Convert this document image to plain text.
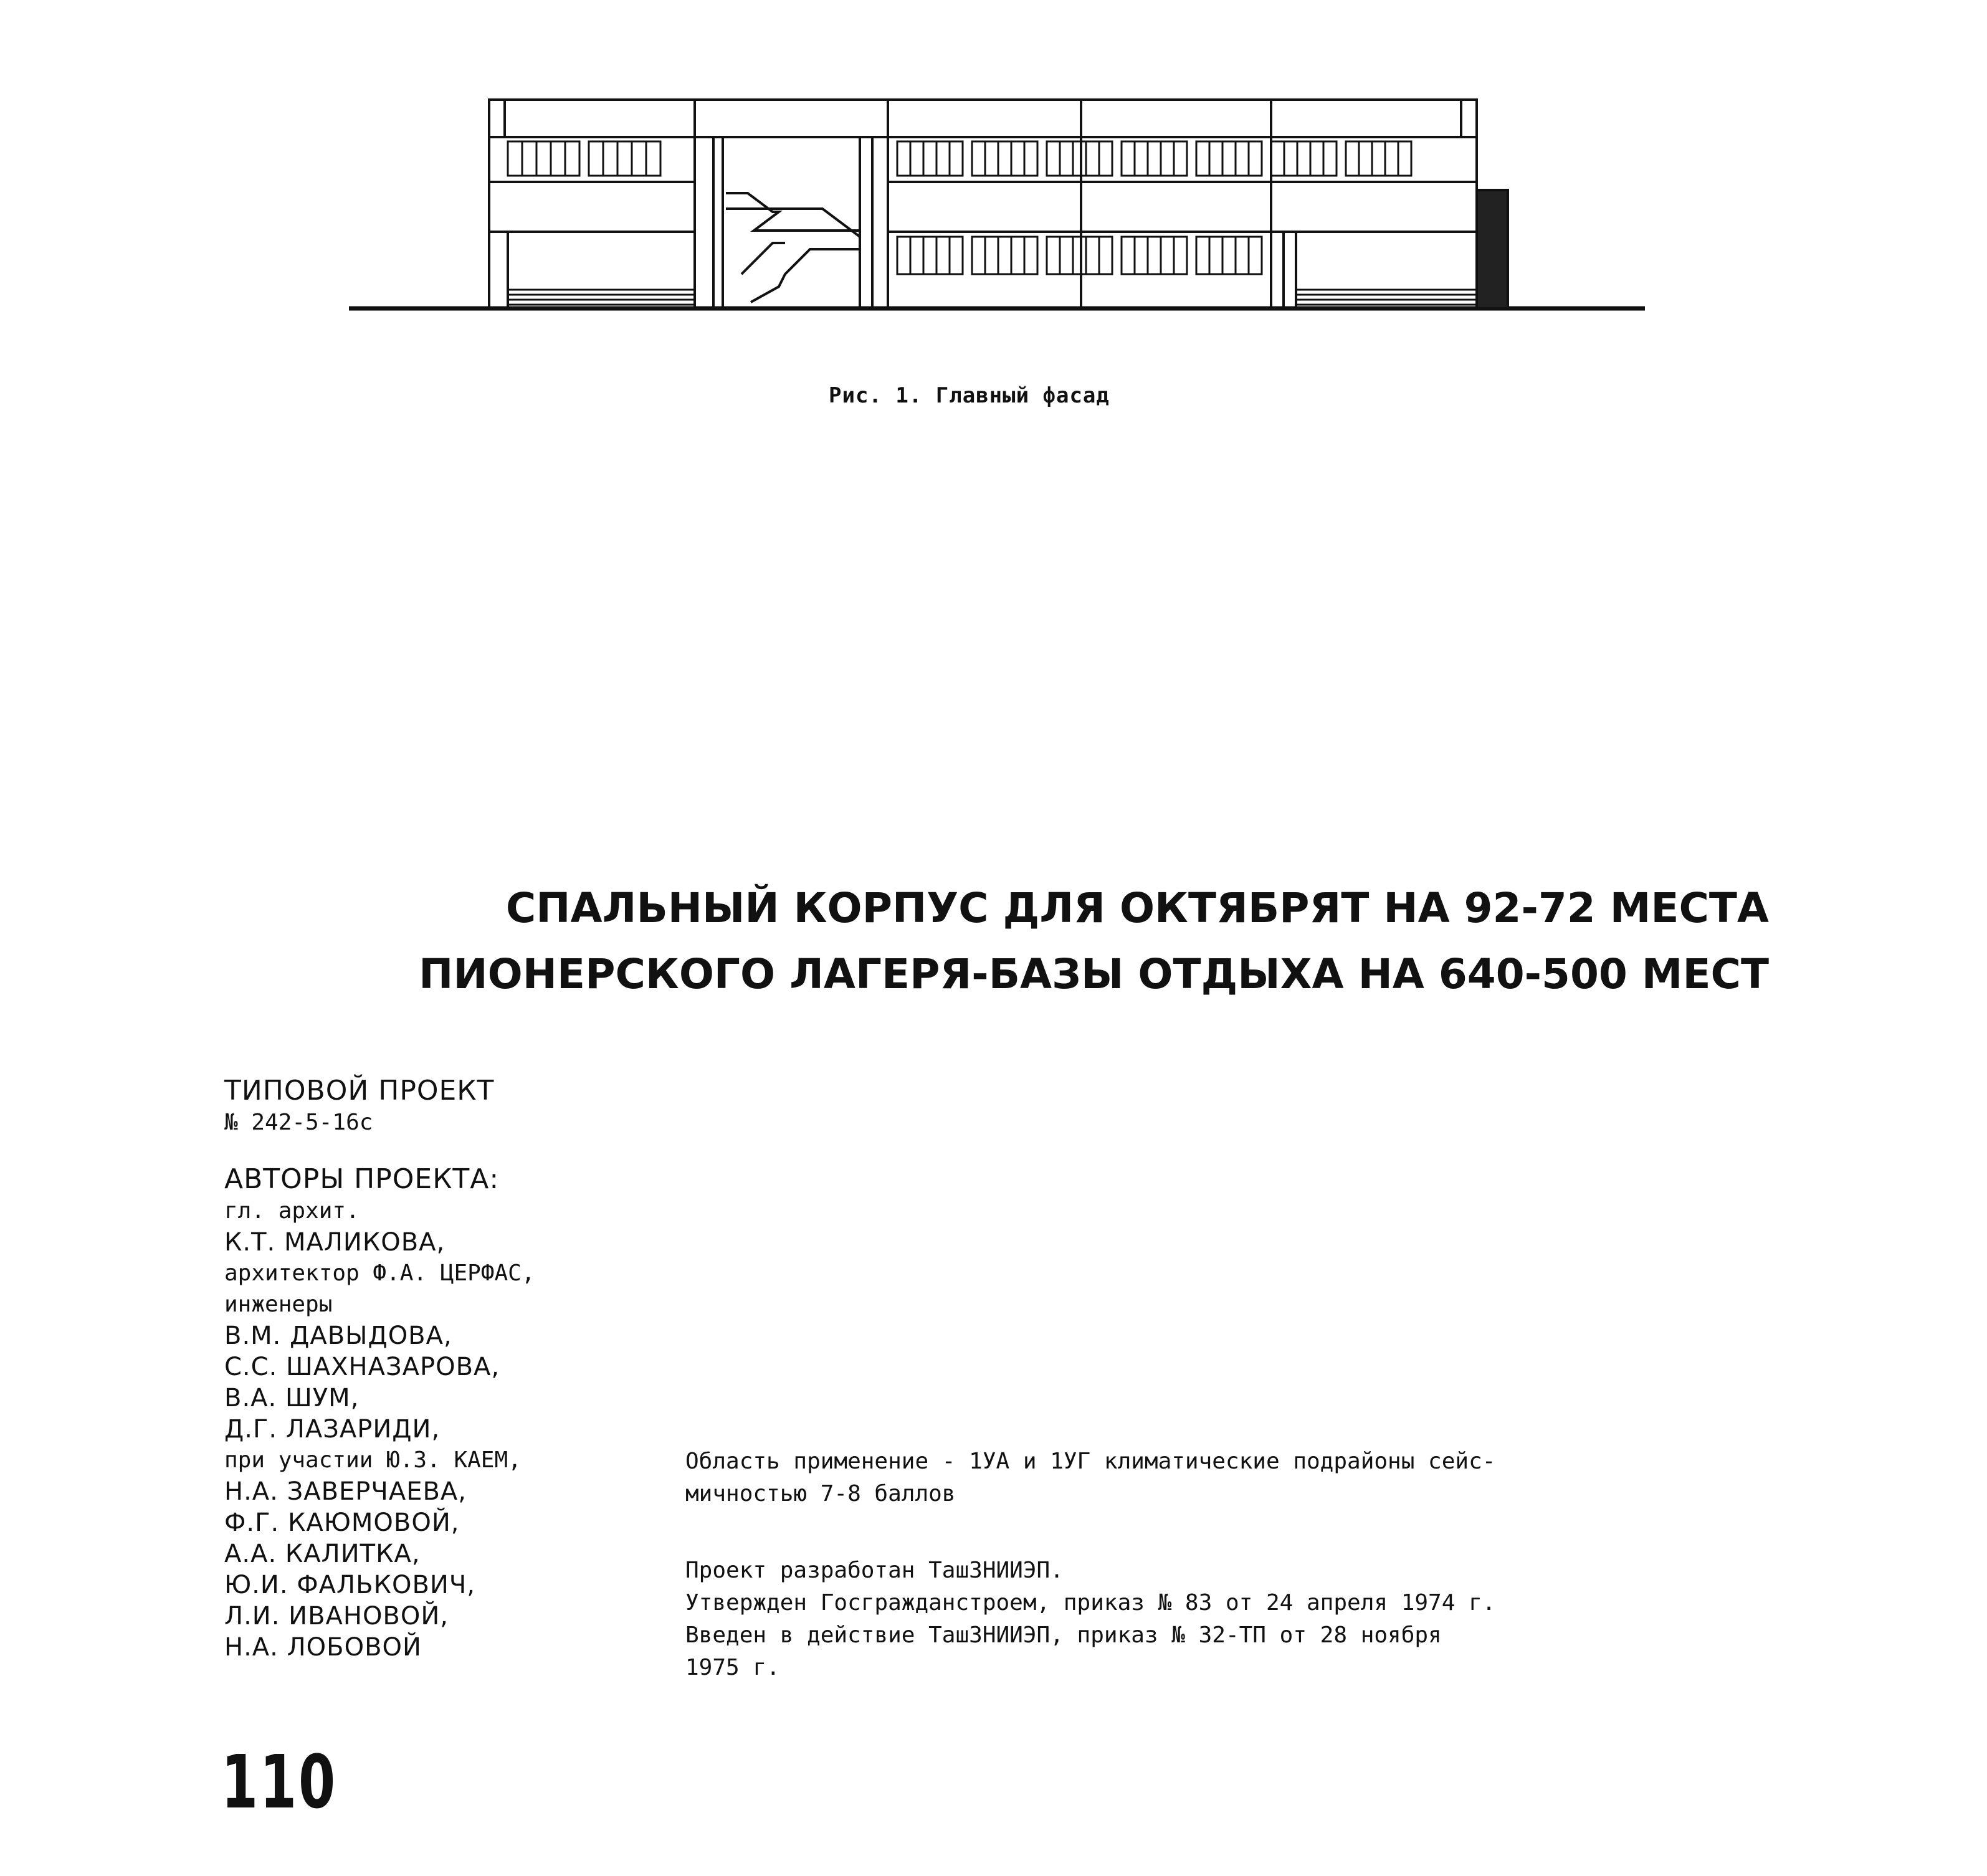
Рис. 1. Главный фасад
СПАЛЬНЫЙ КОРПУС ДЛЯ ОКТЯБРЯТ НА 92-72 МЕСТА
ПИОНЕРСКОГО ЛАГЕРЯ-БАЗЫ ОТДЫХА НА 640-500 МЕСТ
ТИПОВОЙ ПРОЕКТ
№ 242-5-16с
АВТОРЫ ПРОЕКТА:
гл. архит.
К.Т. МАЛИКОВА,
архитектор Ф.А. ЦЕРФАС,
инженеры
В.М. ДАВЫДОВА,
С.С. ШАХНАЗАРОВА,
В.А. ШУМ,
Д.Г. ЛАЗАРИДИ,
при участии Ю.З. КАЕМ,
Н.А. ЗАВЕРЧАЕВА,
Ф.Г. КАЮМОВОЙ,
А.А. КАЛИТКА,
Ю.И. ФАЛЬКОВИЧ,
Л.И. ИВАНОВОЙ,
Н.А. ЛОБОВОЙ
Область применение - 1УА и 1УГ климатические подрайоны сейс-
мичностью 7-8 баллов
Проект разработан ТашЗНИИЭП.
Утвержден Госгражданстроем, приказ № 83 от 24 апреля 1974 г.
Введен в действие ТашЗНИИЭП, приказ № 32-ТП от 28 ноября
1975 г.
110
